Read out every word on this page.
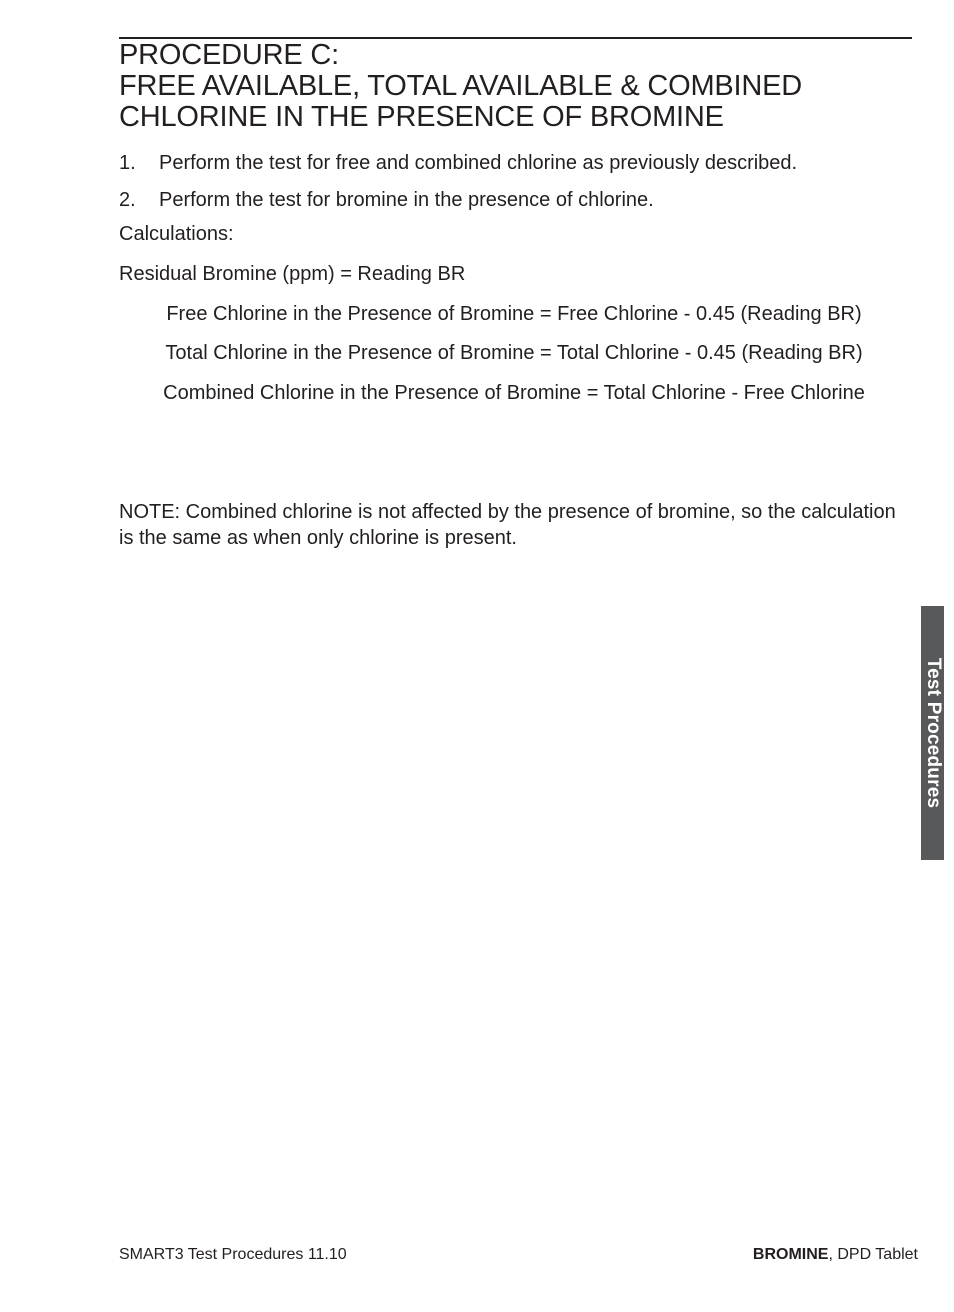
PROCEDURE C:
FREE AVAILABLE, TOTAL AVAILABLE & COMBINED
CHLORINE IN THE PRESENCE OF BROMINE
1.	Perform the test for free and combined chlorine as previously described.
2.	Perform the test for bromine in the presence of chlorine.

Calculations:

Residual Bromine (ppm) = Reading BR

Free Chlorine in the Presence of Bromine = Free Chlorine - 0.45 (Reading BR)

Total Chlorine in the Presence of Bromine = Total Chlorine - 0.45 (Reading BR)

Combined Chlorine in the Presence of Bromine = Total Chlorine - Free Chlorine

NOTE: Combined chlorine is not affected by the presence of bromine, so the calculation is the same as when only chlorine is present.

Test Procedures
SMART3 Test Procedures 11.10	BROMINE, DPD Tablet
